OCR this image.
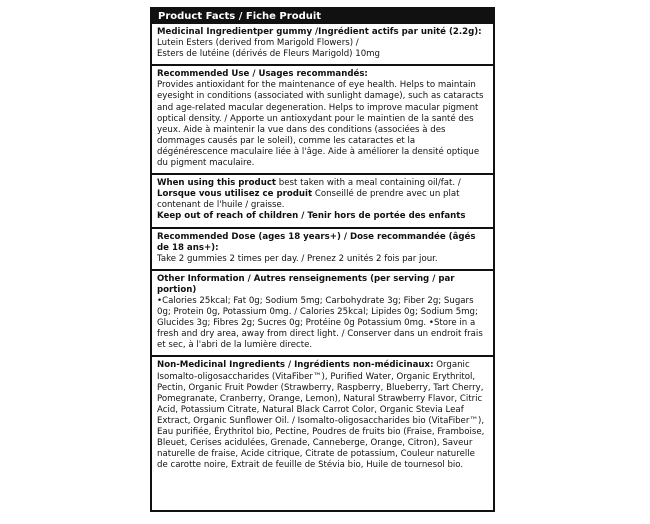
Product Facts / Fiche Produit

Medicinal Ingredientper gummy /Ingrédient actifs par unité (2.2g):

Lutein Esters (derived from Marigold Flowers) /

Esters de lutéine (dérivés de Fleurs Marigold) 10mg

Recommended Use / Usages recommandés:

Provides antioxidant for the maintenance of eye health. Helps to maintain eyesight in conditions (associated with sunlight damage), such as cataracts and age-related macular degeneration. Helps to improve macular pigment optical density. / Apporte un antioxydant pour le maintien de la santé des yeux. Aide à maintenir la vue dans des conditions (associées à des dommages causés par le soleil), comme les cataractes et la dégénérescence maculaire liée à l'âge. Aide à améliorer la densité optique du pigment maculaire.

When using this product best taken with a meal containing oil/fat. /

Lorsque vous utilisez ce produit Conseillé de prendre avec un plat contenant de l'huile / graisse.

Keep out of reach of children / Tenir hors de portée des enfants

Recommended Dose (ages 18 years+) / Dose recommandée (âgés de 18 ans+):

Take 2 gummies 2 times per day. / Prenez 2 unités 2 fois par jour.

Other Information / Autres renseignements (per serving / par portion)

•Calories 25kcal; Fat 0g; Sodium 5mg; Carbohydrate 3g; Fiber 2g; Sugars 0g; Protein 0g, Potassium 0mg. / Calories 25kcal; Lipides 0g; Sodium 5mg; Glucides 3g; Fibres 2g; Sucres 0g; Protéine 0g Potassium 0mg. •Store in a fresh and dry area, away from direct light. / Conserver dans un endroit frais et sec, à l'abri de la lumière directe.

Non-Medicinal Ingredients / Ingrédients non-médicinaux: Organic Isomalto-oligosaccharides (VitaFiber™), Purified Water, Organic Erythritol, Pectin, Organic Fruit Powder (Strawberry, Raspberry, Blueberry, Tart Cherry, Pomegranate, Cranberry, Orange, Lemon), Natural Strawberry Flavor, Citric Acid, Potassium Citrate, Natural Black Carrot Color, Organic Stevia Leaf Extract, Organic Sunflower Oil. / Isomalto-oligosaccharides bio (VitaFiber™), Eau purifiée, Érythritol bio, Pectine, Poudres de fruits bio (Fraise, Framboise, Bleuet, Cerises acidulées, Grenade, Canneberge, Orange, Citron), Saveur naturelle de fraise, Acide citrique, Citrate de potassium, Couleur naturelle de carotte noire, Extrait de feuille de Stévia bio, Huile de tournesol bio.
